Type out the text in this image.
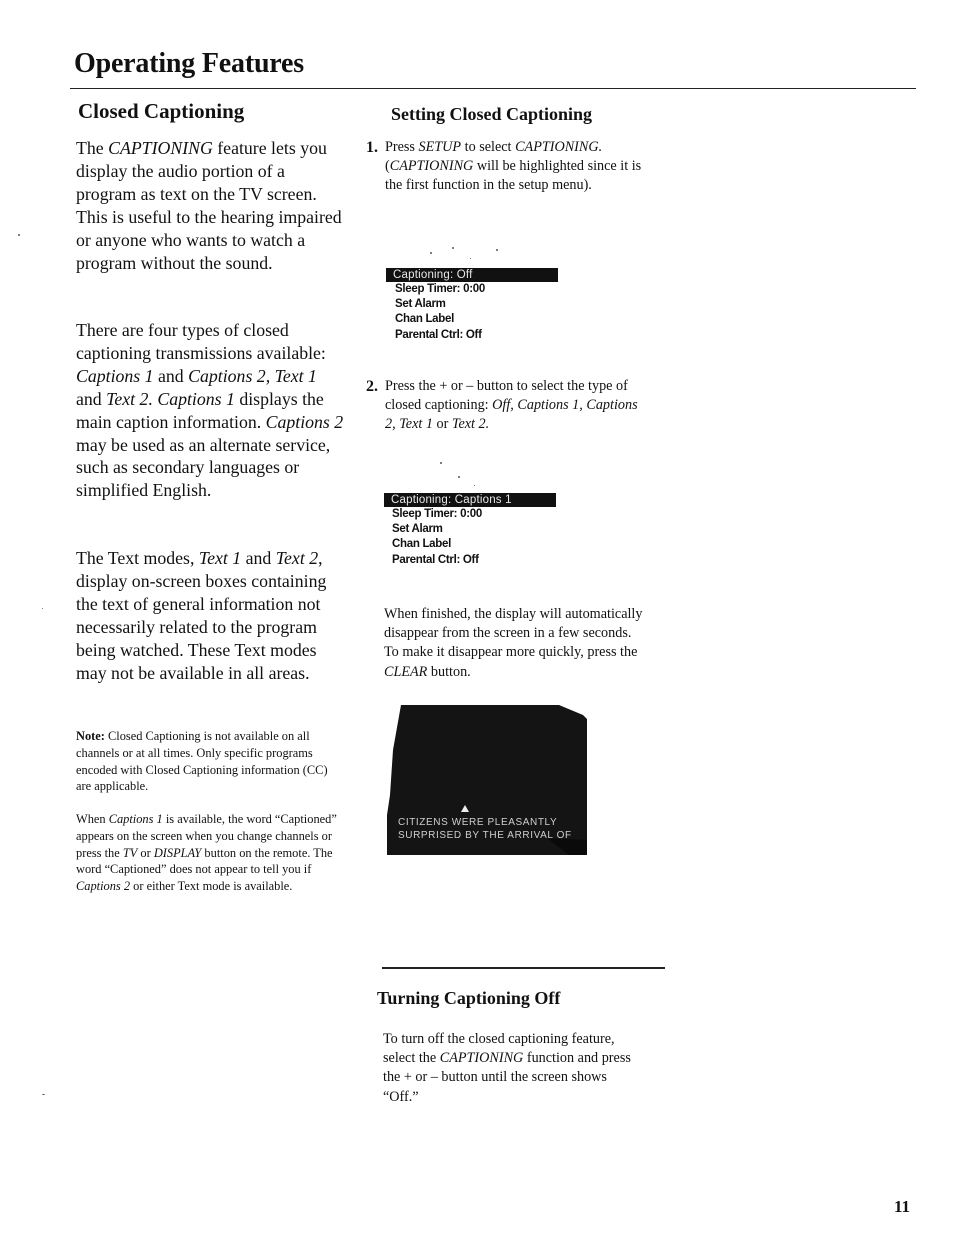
Operating Features
Closed Captioning

The CAPTIONING feature lets you display the audio portion of a program as text on the TV screen. This is useful to the hearing impaired or anyone who wants to watch a program without the sound.

There are four types of closed captioning transmissions available: Captions 1 and Captions 2, Text 1 and Text 2. Captions 1 displays the main caption information. Captions 2 may be used as an alternate service, such as secondary languages or simplified English.

The Text modes, Text 1 and Text 2, display on-screen boxes containing the text of general information not necessarily related to the program being watched. These Text modes may not be available in all areas.

Note: Closed Captioning is not available on all channels or at all times. Only specific programs encoded with Closed Captioning information (CC) are applicable.

When Captions 1 is available, the word “Captioned” appears on the screen when you change channels or press the TV or DISPLAY button on the remote. The word “Captioned” does not appear to tell you if Captions 2 or either Text mode is available.

Setting Closed Captioning
1. Press SETUP to select CAPTIONING. (CAPTIONING will be highlighted since it is the first function in the setup menu).
Captioning: Off
Sleep Timer: 0:00
Set Alarm
Chan Label
Parental Ctrl: Off
2. Press the + or – button to select the type of closed captioning: Off, Captions 1, Captions 2, Text 1 or Text 2.
Captioning: Captions 1
Sleep Timer: 0:00
Set Alarm
Chan Label
Parental Ctrl: Off

When finished, the display will automatically disappear from the screen in a few seconds. To make it disappear more quickly, press the CLEAR button.

CITIZENS WERE PLEASANTLY
SURPRISED BY THE ARRIVAL OF
Turning Captioning Off

To turn off the closed captioning feature, select the CAPTIONING function and press the + or – button until the screen shows “Off.”

11
